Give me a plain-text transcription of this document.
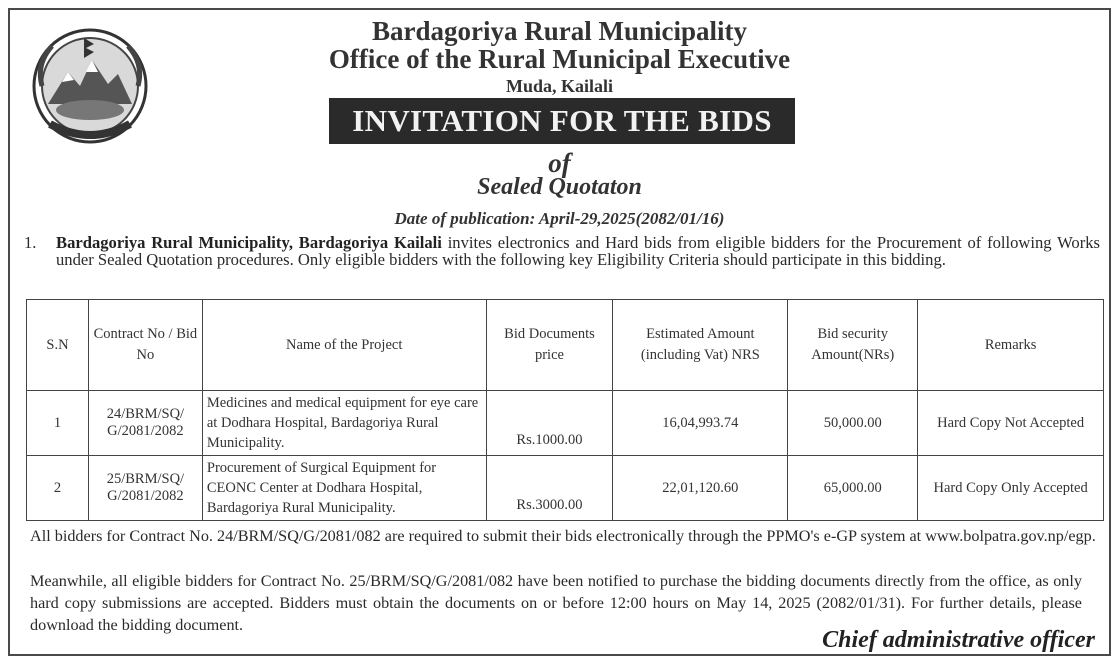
Bardagoriya Rural Municipality
Office of the Rural Municipal Executive
Muda, Kailali
INVITATION FOR THE BIDS
of
Sealed Quotaton
Date of publication: April-29,2025(2082/01/16)
1. Bardagoriya Rural Municipality, Bardagoriya Kailali invites electronics and Hard bids from eligible bidders for the Procurement of following Works under Sealed Quotation procedures. Only eligible bidders with the following key Eligibility Criteria should participate in this bidding.
S.N	Contract No / Bid No	Name of the Project	Bid Documents price	Estimated Amount (including Vat) NRS	Bid security Amount(NRs)	Remarks
1	24/BRM/SQ/ G/2081/2082	Medicines and medical equipment for eye care at Dodhara Hospital, Bardagoriya Rural Municipality.	Rs.1000.00	16,04,993.74	50,000.00	Hard Copy Not Accepted
2	25/BRM/SQ/ G/2081/2082	Procurement of Surgical Equipment for CEONC Center at Dodhara Hospital, Bardagoriya Rural Municipality.	Rs.3000.00	22,01,120.60	65,000.00	Hard Copy Only Accepted
All bidders for Contract No. 24/BRM/SQ/G/2081/082 are required to submit their bids electronically through the PPMO's e-GP system at www.bolpatra.gov.np/egp.
Meanwhile, all eligible bidders for Contract No. 25/BRM/SQ/G/2081/082 have been notified to purchase the bidding documents directly from the office, as only hard copy submissions are accepted. Bidders must obtain the documents on or before 12:00 hours on May 14, 2025 (2082/01/31). For further details, please download the bidding document.
Chief administrative officer
